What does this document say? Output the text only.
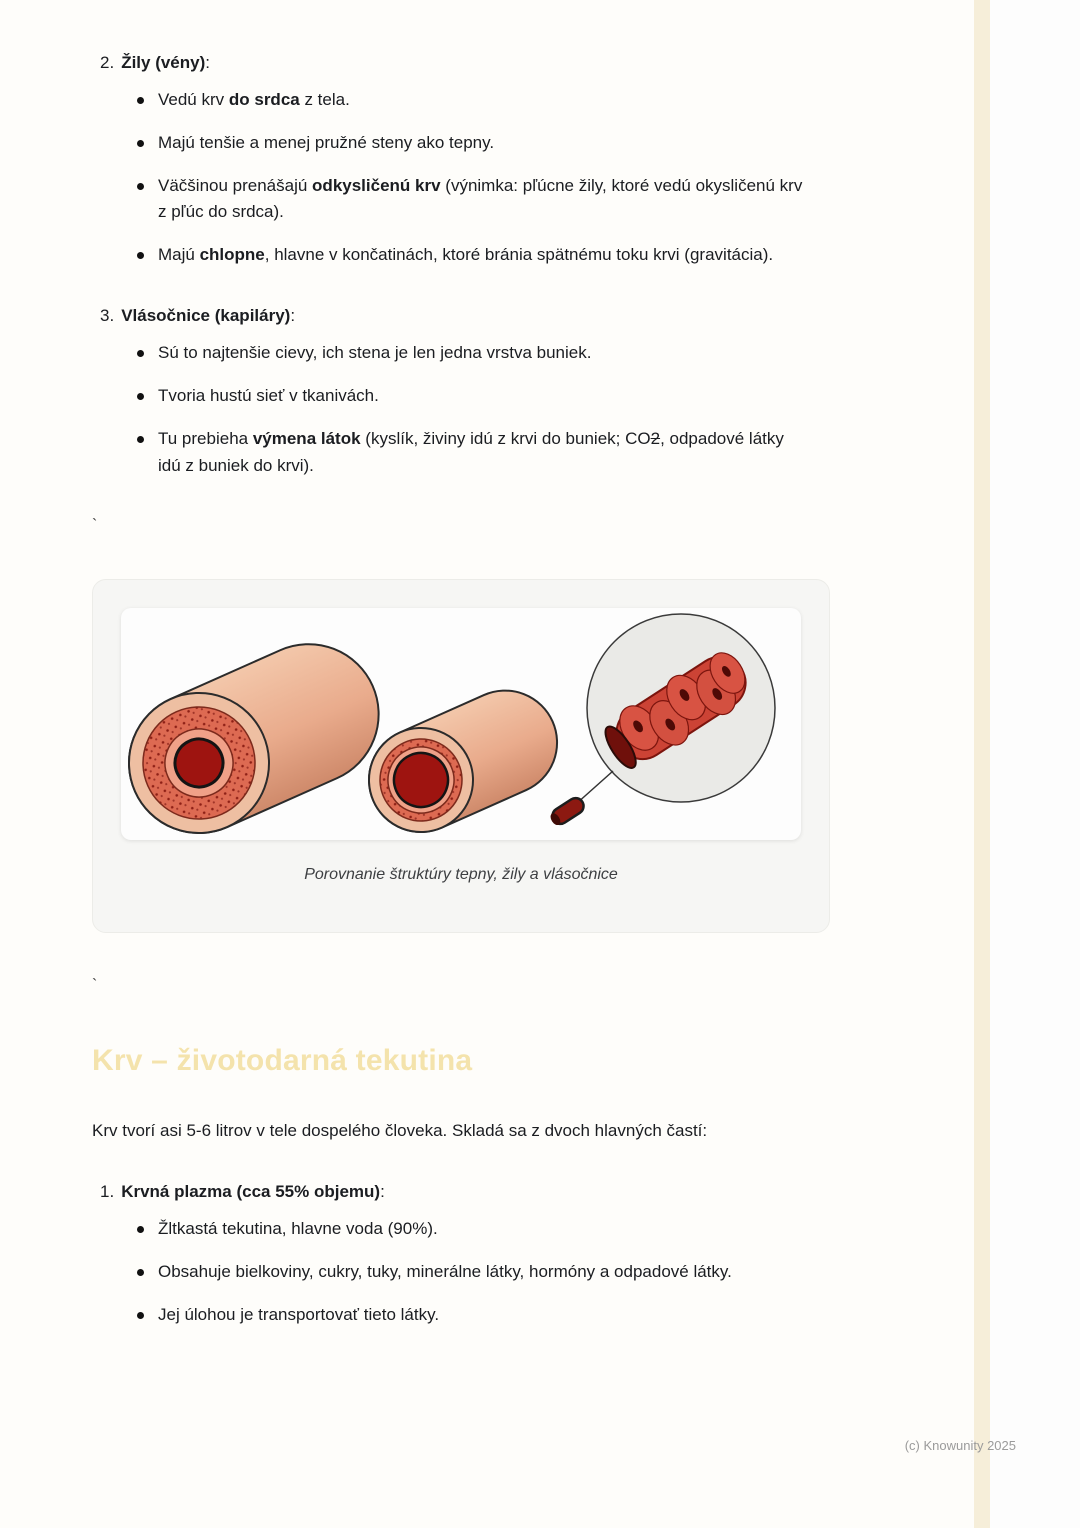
2. Žily (vény):
Vedú krv do srdca z tela.
Majú tenšie a menej pružné steny ako tepny.
Väčšinou prenášajú odkysličenú krv (výnimka: pľúcne žily, ktoré vedú okysličenú krv z pľúc do srdca).
Majú chlopne, hlavne v končatinách, ktoré bránia spätnému toku krvi (gravitácia).
3. Vlásočnice (kapiláry):
Sú to najtenšie cievy, ich stena je len jedna vrstva buniek.
Tvoria hustú sieť v tkanivách.
Tu prebieha výmena látok (kyslík, živiny idú z krvi do buniek; CO2, odpadové látky idú z buniek do krvi).
`
Porovnanie štruktúry tepny, žily a vlásočnice
`
Krv – životodarná tekutina

Krv tvorí asi 5-6 litrov v tele dospelého človeka. Skladá sa z dvoch hlavných častí:

1. Krvná plazma (cca 55% objemu):
Žltkastá tekutina, hlavne voda (90%).
Obsahuje bielkoviny, cukry, tuky, minerálne látky, hormóny a odpadové látky.
Jej úlohou je transportovať tieto látky.
(c) Knowunity 2025
